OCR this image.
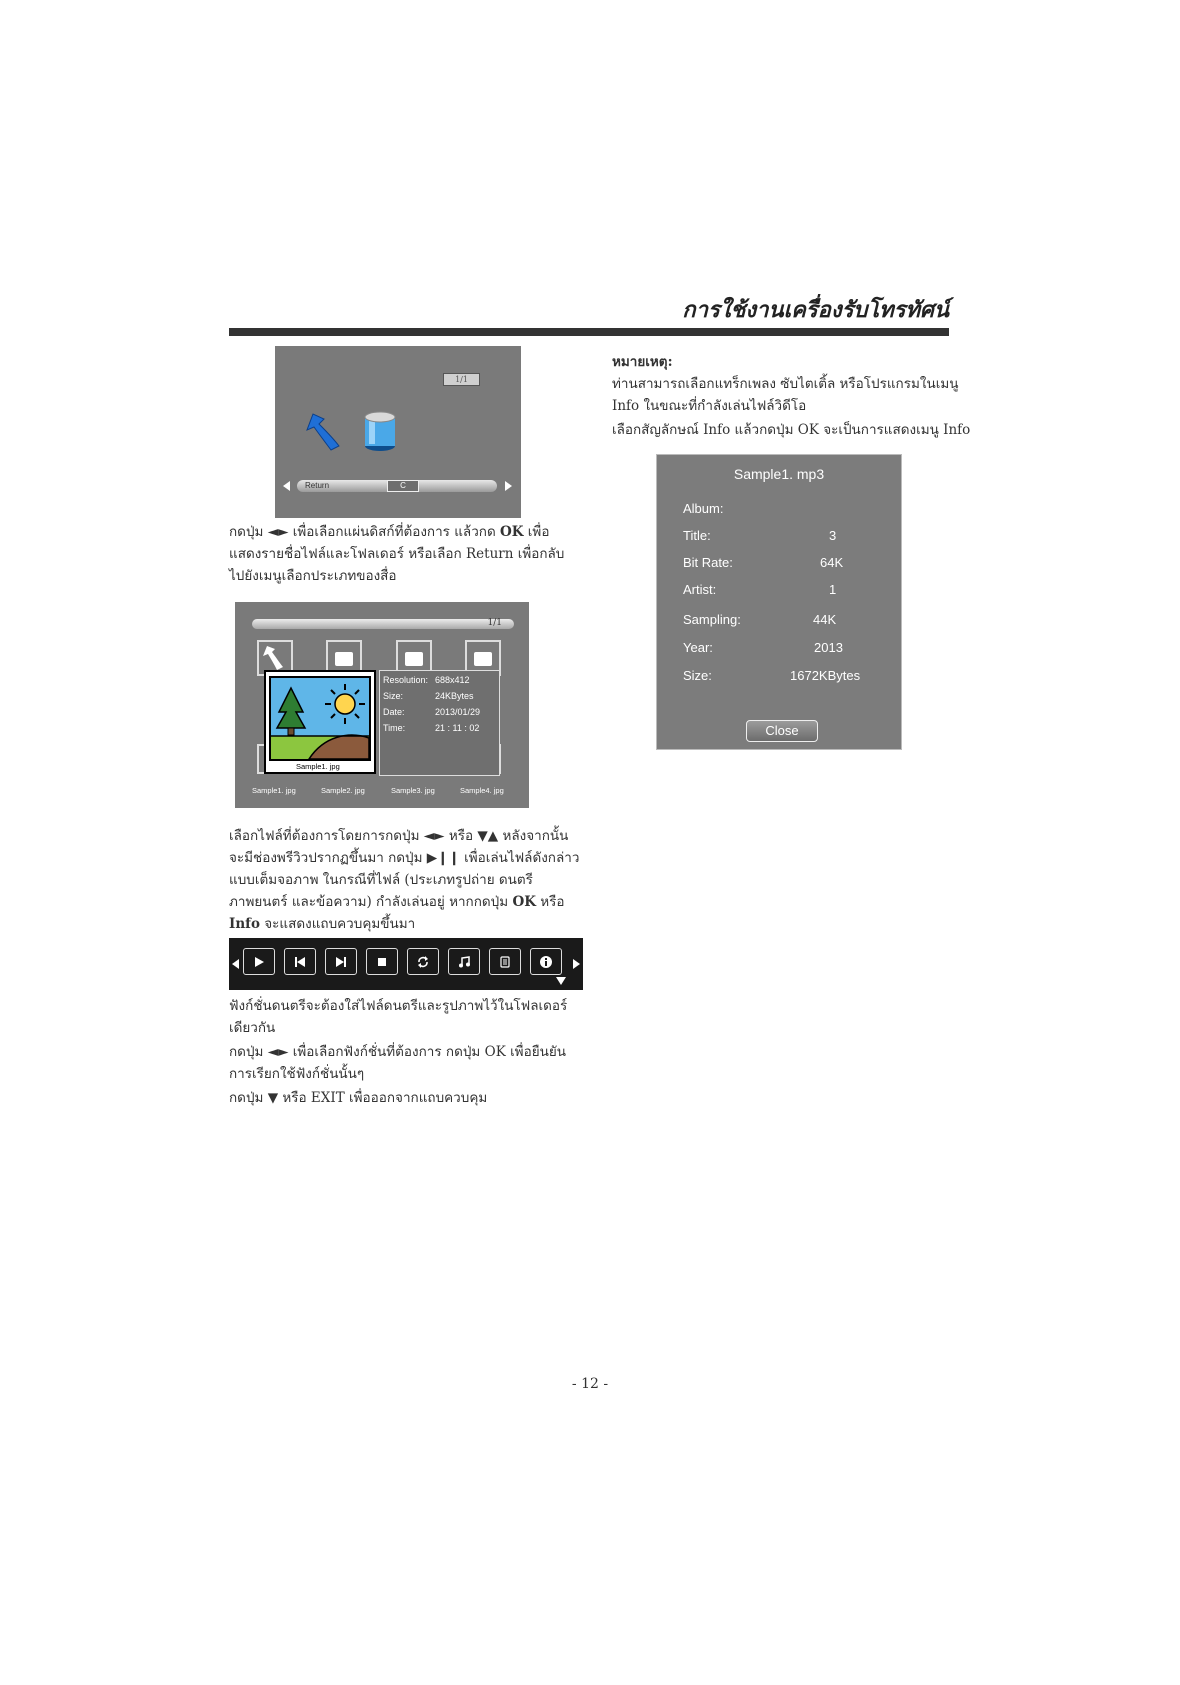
การใช้งานเครื่องรับโทรทัศน์
1/1
Return	C

กดปุ่ม ◄► เพื่อเลือกแผ่นดิสก์ที่ต้องการ แล้วกด OK เพื่อ

แสดงรายชื่อไฟล์และโฟลเดอร์ หรือเลือก Return เพื่อกลับ

ไปยังเมนูเลือกประเภทของสื่อ

1/1
Sample1. jpg
Resolution: 688x412
Size:	24KBytes
Date:	2013/01/29
Time:	21 : 11 : 02
Sample1. jpg	Sample2. jpg	Sample3. jpg	Sample4. jpg

เลือกไฟล์ที่ต้องการโดยการกดปุ่ม ◄► หรือ ▼▲ หลังจากนั้น

จะมีช่องพรีวิวปรากฏขึ้นมา กดปุ่ม ▶❙❙ เพื่อเล่นไฟล์ดังกล่าว

แบบเต็มจอภาพ ในกรณีที่ไฟล์ (ประเภทรูปถ่าย ดนตรี

ภาพยนตร์ และข้อความ) กำลังเล่นอยู่ หากกดปุ่ม OK หรือ

Info จะแสดงแถบควบคุมขึ้นมา

ฟังก์ชั่นดนตรีจะต้องใส่ไฟล์ดนตรีและรูปภาพไว้ในโฟลเดอร์

เดียวกัน

กดปุ่ม ◄► เพื่อเลือกฟังก์ชั่นที่ต้องการ กดปุ่ม OK เพื่อยืนยัน

การเรียกใช้ฟังก์ชั่นนั้นๆ

กดปุ่ม ▼ หรือ EXIT เพื่อออกจากแถบควบคุม

หมายเหตุ:

ท่านสามารถเลือกแทร็กเพลง ซับไตเติ้ล หรือโปรแกรมในเมนู

Info ในขณะที่กำลังเล่นไฟล์วิดีโอ

เลือกสัญลักษณ์ Info แล้วกดปุ่ม OK จะเป็นการแสดงเมนู Info

Sample1. mp3
Album:
Title:	3
Bit Rate:	64K
Artist:	1
Sampling:	44K
Year:	2013
Size:	1672KBytes
Close
- 12 -
